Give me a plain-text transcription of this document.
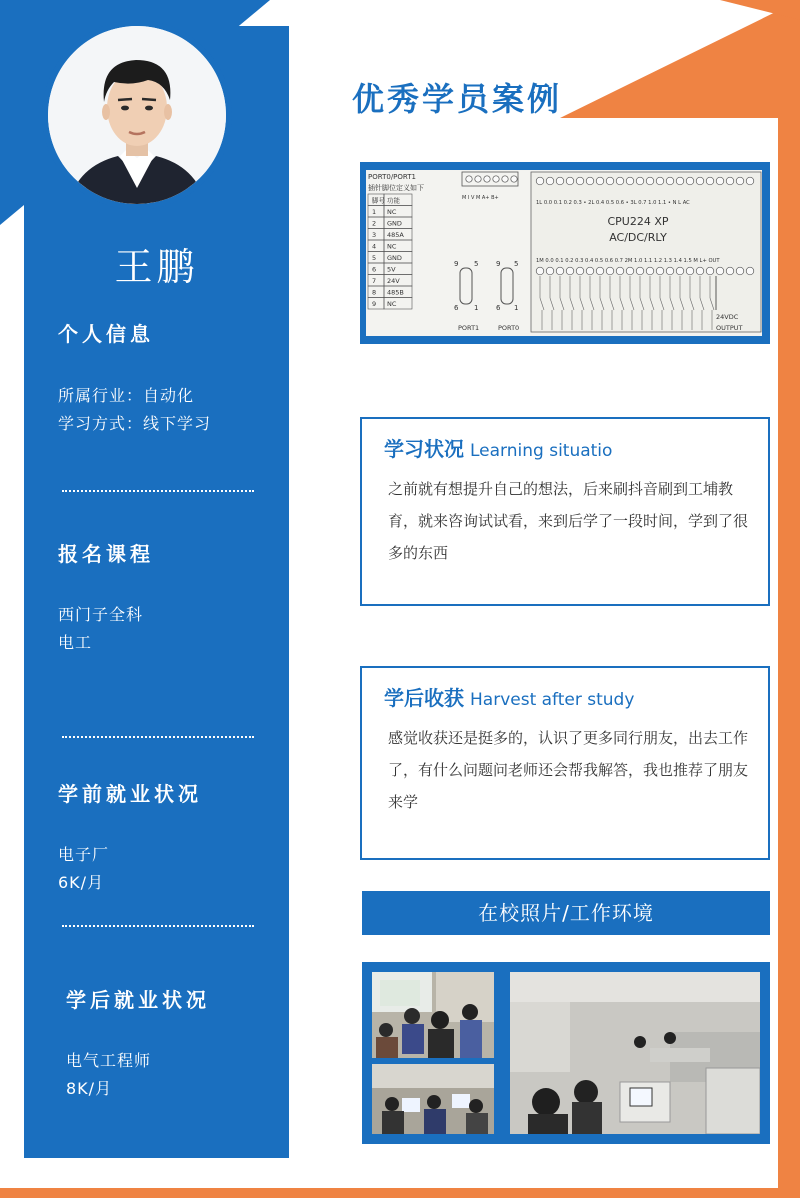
王鹏
个人信息
所属行业：自动化
学习方式：线下学习
报名课程
西门子全科
电工
学前就业状况
电子厂
6K/月
学后就业状况
电气工程师
8K/月
优秀学员案例
PORT0/PORT1
插针脚位定义如下
脚号 功能
1 NC
2 GND
3 485A
4 NC
5 GND
6 5V
7 24V
8 485B
9 NC
M I V M A+ B+
1L 0.0 0.1 0.2 0.3 • 2L 0.4 0.5 0.6 • 3L 0.7 1.0 1.1 • N L AC
CPU224 XP
AC/DC/RLY
1M 0.0 0.1 0.2 0.3 0.4 0.5 0.6 0.7 2M 1.0 1.1 1.2 1.3 1.4 1.5 M L+ OUT
24VDC
OUTPUT
9 5
6 1
9 5
6 1
PORT1	PORT0
学习状况 Learning situatio
之前就有想提升自己的想法，后来刷抖音刷到工埔教育，就来咨询试试看，来到后学了一段时间，学到了很多的东西
学后收获 Harvest after study
感觉收获还是挺多的，认识了更多同行朋友，出去工作了，有什么问题问老师还会帮我解答，我也推荐了朋友来学
在校照片/工作环境
